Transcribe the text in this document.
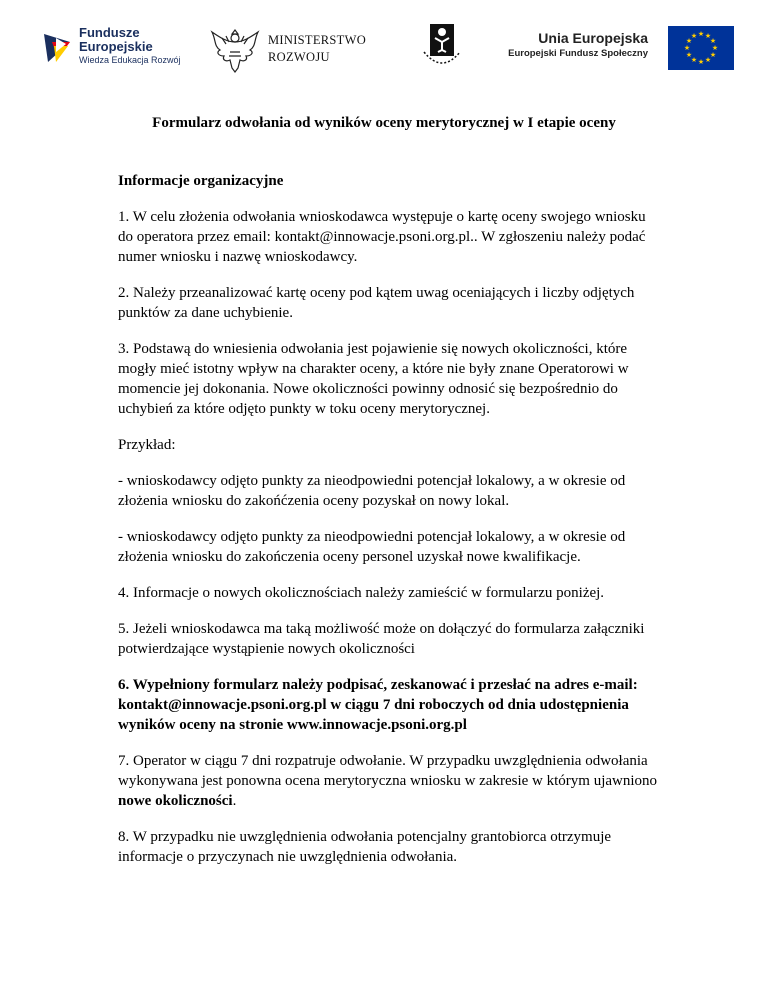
Fundusze
Europejskie
Wiedza Edukacja Rozwój
MINISTERSTWO
ROZWOJU
Unia Europejska
Europejski Fundusz Społeczny
★ ★
★
★
★
★
★
★
★
★
★
★
Formularz odwołania od wyników oceny merytorycznej w I etapie oceny

Informacje organizacyjne

1. W celu złożenia odwołania wnioskodawca występuje o kartę oceny swojego wniosku do operatora przez email: kontakt@innowacje.psoni.org.pl.. W zgłoszeniu należy podać numer wniosku i nazwę wnioskodawcy.

2. Należy przeanalizować kartę oceny pod kątem uwag oceniających i liczby odjętych punktów za dane uchybienie.

3. Podstawą do wniesienia odwołania jest pojawienie się nowych okoliczności, które mogły mieć istotny wpływ na charakter oceny, a które nie były znane Operatorowi w momencie jej dokonania. Nowe okoliczności powinny odnosić się bezpośrednio do uchybień za które odjęto punkty w toku oceny merytorycznej.

Przykład:

- wnioskodawcy odjęto punkty za nieodpowiedni potencjał lokalowy, a w okresie od złożenia wniosku do zakońćzenia oceny pozyskał on nowy lokal.

- wnioskodawcy odjęto punkty za nieodpowiedni potencjał lokalowy, a w okresie od złożenia wniosku do zakończenia oceny personel uzyskał nowe kwalifikacje.

4. Informacje o nowych okolicznościach należy zamieścić w formularzu poniżej.

5. Jeżeli wnioskodawca ma taką możliwość może on dołączyć do formularza załączniki potwierdzające wystąpienie nowych okoliczności

6. Wypełniony formularz należy podpisać, zeskanować i przesłać na adres e-mail: kontakt@innowacje.psoni.org.pl w ciągu 7 dni roboczych od dnia udostępnienia wyników oceny na stronie www.innowacje.psoni.org.pl

7. Operator w ciągu 7 dni rozpatruje odwołanie. W przypadku uwzględnienia odwołania wykonywana jest ponowna ocena merytoryczna wniosku w zakresie w którym ujawniono nowe okoliczności.

8. W przypadku nie uwzględnienia odwołania potencjalny grantobiorca otrzymuje informacje o przyczynach nie uwzględnienia odwołania.
